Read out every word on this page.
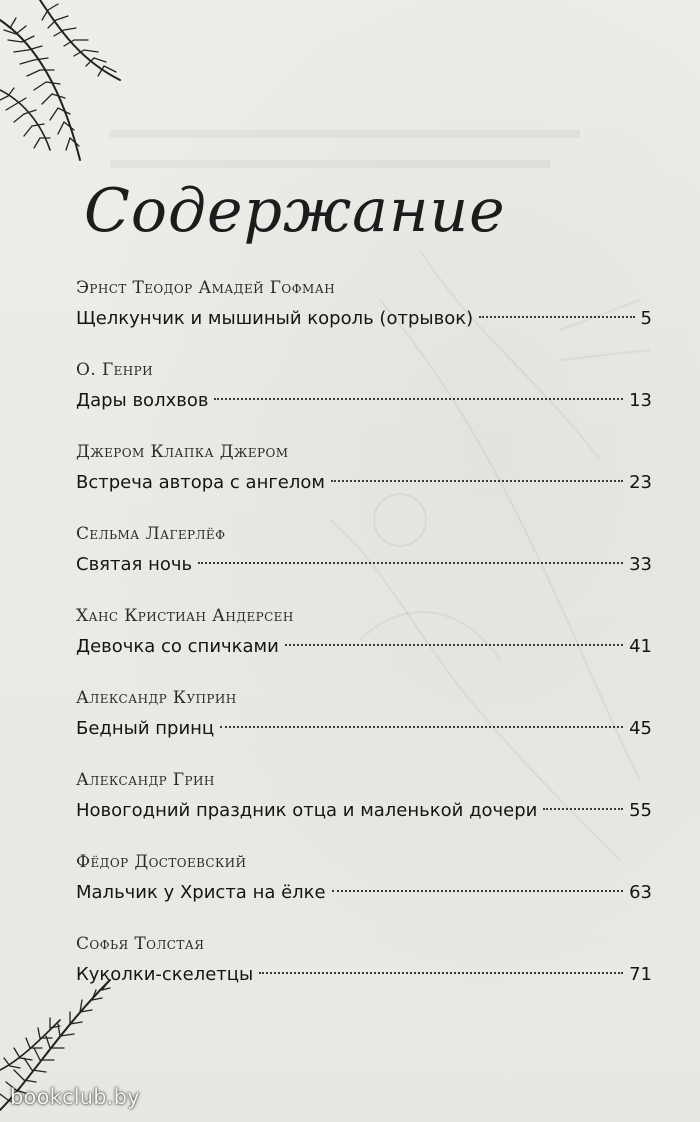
Содержание
Эрнст Теодор Амадей Гофман
Щелкунчик и мышиный король (отрывок)	5
О. Генри
Дары волхвов	13
Джером Клапка Джером
Встреча автора с ангелом	23
Сельма Лагерлёф
Святая ночь	33
Ханс Кристиан Андерсен
Девочка со спичками	41
Александр Куприн
Бедный принц	45
Александр Грин
Новогодний праздник отца и маленькой дочери	55
Фёдор Достоевский
Мальчик у Христа на ёлке	63
Софья Толстая
Куколки-скелетцы	71
bookclub.by
